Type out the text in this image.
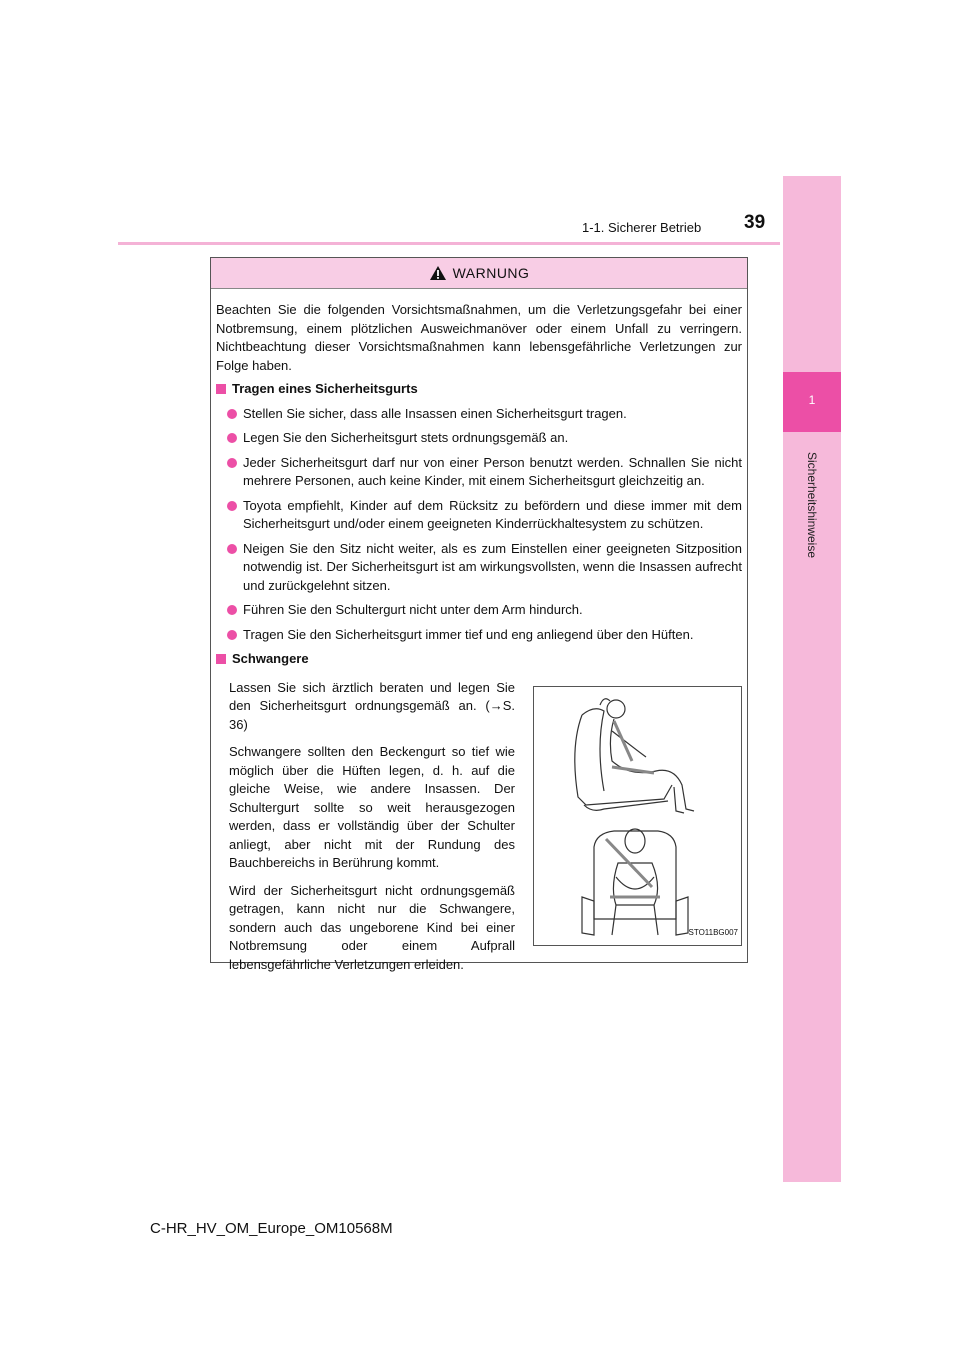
39
1-1. Sicherer Betrieb
1
Sicherheitshinweise
WARNUNG

Beachten Sie die folgenden Vorsichtsmaßnahmen, um die Verletzungsgefahr bei einer Notbremsung, einem plötzlichen Ausweichmanöver oder einem Unfall zu verringern. Nichtbeachtung dieser Vorsichtsmaßnahmen kann lebensgefährliche Verletzungen zur Folge haben.

Tragen eines Sicherheitsgurts
Stellen Sie sicher, dass alle Insassen einen Sicherheitsgurt tragen.
Legen Sie den Sicherheitsgurt stets ordnungsgemäß an.
Jeder Sicherheitsgurt darf nur von einer Person benutzt werden. Schnallen Sie nicht mehrere Personen, auch keine Kinder, mit einem Sicherheitsgurt gleichzeitig an.
Toyota empfiehlt, Kinder auf dem Rücksitz zu befördern und diese immer mit dem Sicherheitsgurt und/oder einem geeigneten Kinderrückhaltesystem zu schützen.
Neigen Sie den Sitz nicht weiter, als es zum Einstellen einer geeigneten Sitzposition notwendig ist. Der Sicherheitsgurt ist am wirkungsvollsten, wenn die Insassen aufrecht und zurückgelehnt sitzen.
Führen Sie den Schultergurt nicht unter dem Arm hindurch.
Tragen Sie den Sicherheitsgurt immer tief und eng anliegend über den Hüften.
Schwangere

Lassen Sie sich ärztlich beraten und legen Sie den Sicherheitsgurt ordnungsgemäß an. (→S. 36)

Schwangere sollten den Beckengurt so tief wie möglich über die Hüften legen, d. h. auf die gleiche Weise, wie andere Insassen. Der Schultergurt sollte so weit herausgezogen werden, dass er vollständig über der Schulter anliegt, aber nicht mit der Rundung des Bauchbereichs in Berührung kommt.

Wird der Sicherheitsgurt nicht ordnungsgemäß getragen, kann nicht nur die Schwangere, sondern auch das ungeborene Kind bei einer Notbremsung oder einem Aufprall lebensgefährliche Verletzungen erleiden.

STO11BG007
C-HR_HV_OM_Europe_OM10568M
